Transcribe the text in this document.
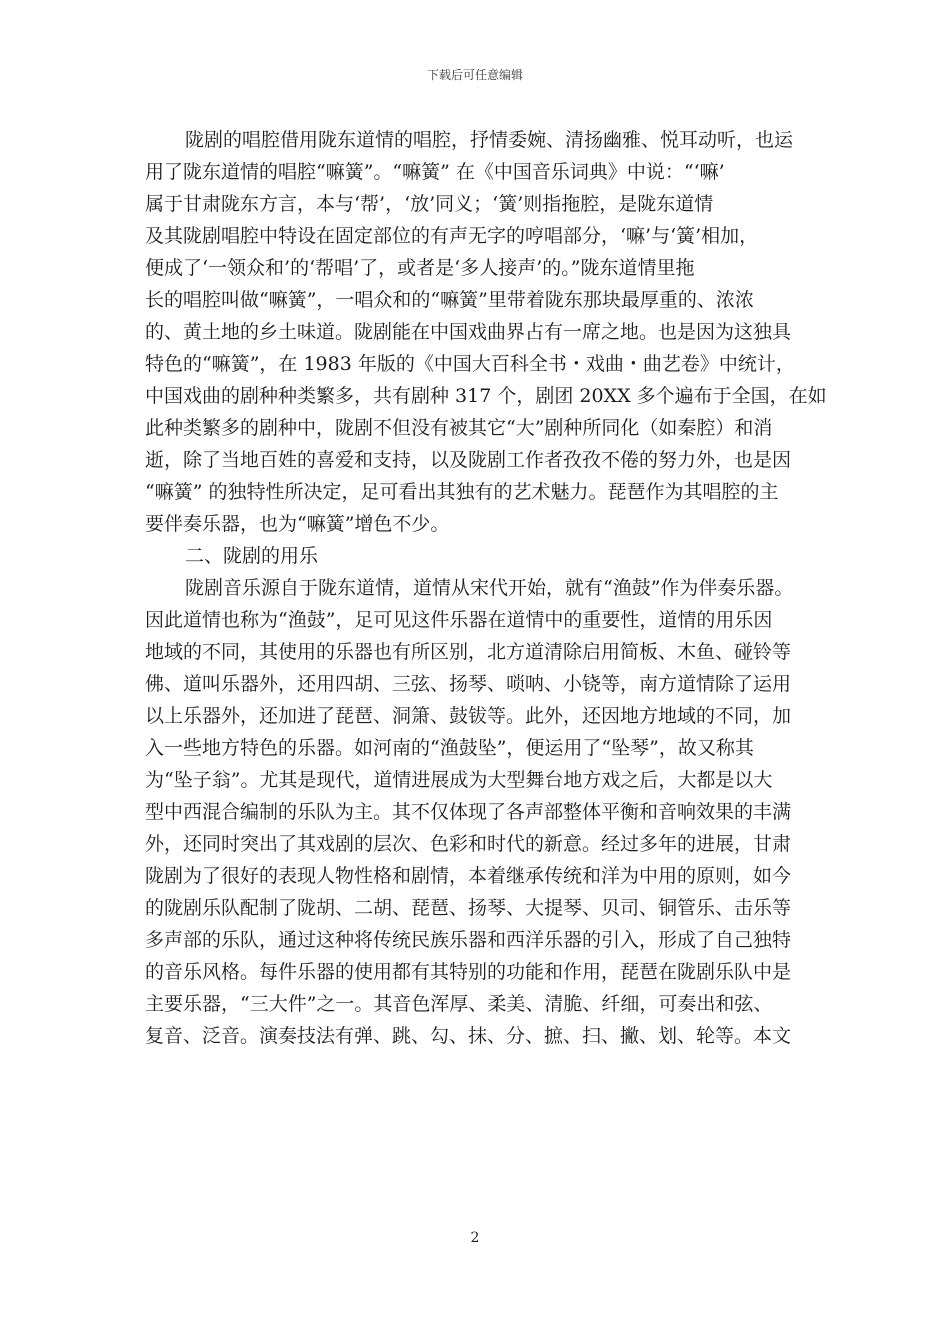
下载后可任意编辑
陇剧的唱腔借用陇东道情的唱腔，抒情委婉、清扬幽雅、悦耳动听，也运
用了陇东道情的唱腔“嘛簧”。“嘛簧” 在《中国音乐词典》中说：“‘嘛’
属于甘肃陇东方言，本与‘帮’，‘放’同义；‘簧’则指拖腔，是陇东道情
及其陇剧唱腔中特设在固定部位的有声无字的哼唱部分，‘嘛’与‘簧’相加，
便成了‘一领众和’的‘帮唱’了，或者是‘多人接声’的。”陇东道情里拖
长的唱腔叫做“嘛簧”，一唱众和的“嘛簧”里带着陇东那块最厚重的、浓浓
的、黄土地的乡土味道。陇剧能在中国戏曲界占有一席之地。也是因为这独具
特色的“嘛簧”，在 1983 年版的《中国大百科全书・戏曲・曲艺卷》中统计，
中国戏曲的剧种种类繁多，共有剧种 317 个，剧团 20XX 多个遍布于全国，在如
此种类繁多的剧种中，陇剧不但没有被其它“大”剧种所同化（如秦腔）和消
逝，除了当地百姓的喜爱和支持，以及陇剧工作者孜孜不倦的努力外，也是因
“嘛簧” 的独特性所决定，足可看出其独有的艺术魅力。琵琶作为其唱腔的主
要伴奏乐器，也为“嘛簧”增色不少。
二、陇剧的用乐
陇剧音乐源自于陇东道情，道情从宋代开始，就有“渔鼓”作为伴奏乐器。
因此道情也称为“渔鼓”，足可见这件乐器在道情中的重要性，道情的用乐因
地域的不同，其使用的乐器也有所区别，北方道清除启用简板、木鱼、碰铃等
佛、道叫乐器外，还用四胡、三弦、扬琴、唢呐、小铙等，南方道情除了运用
以上乐器外，还加进了琵琶、洞箫、鼓钹等。此外，还因地方地域的不同，加
入一些地方特色的乐器。如河南的“渔鼓坠”，便运用了“坠琴”，故又称其
为“坠子翁”。尤其是现代，道情进展成为大型舞台地方戏之后，大都是以大
型中西混合编制的乐队为主。其不仅体现了各声部整体平衡和音响效果的丰满
外，还同时突出了其戏剧的层次、色彩和时代的新意。经过多年的进展，甘肃
陇剧为了很好的表现人物性格和剧情，本着继承传统和洋为中用的原则，如今
的陇剧乐队配制了陇胡、二胡、琵琶、扬琴、大提琴、贝司、铜管乐、击乐等
多声部的乐队，通过这种将传统民族乐器和西洋乐器的引入，形成了自己独特
的音乐风格。每件乐器的使用都有其特别的功能和作用，琵琶在陇剧乐队中是
主要乐器，“三大件”之一。其音色浑厚、柔美、清脆、纤细，可奏出和弦、
复音、泛音。演奏技法有弹、跳、勾、抹、分、摭、扫、撇、划、轮等。本文
2
